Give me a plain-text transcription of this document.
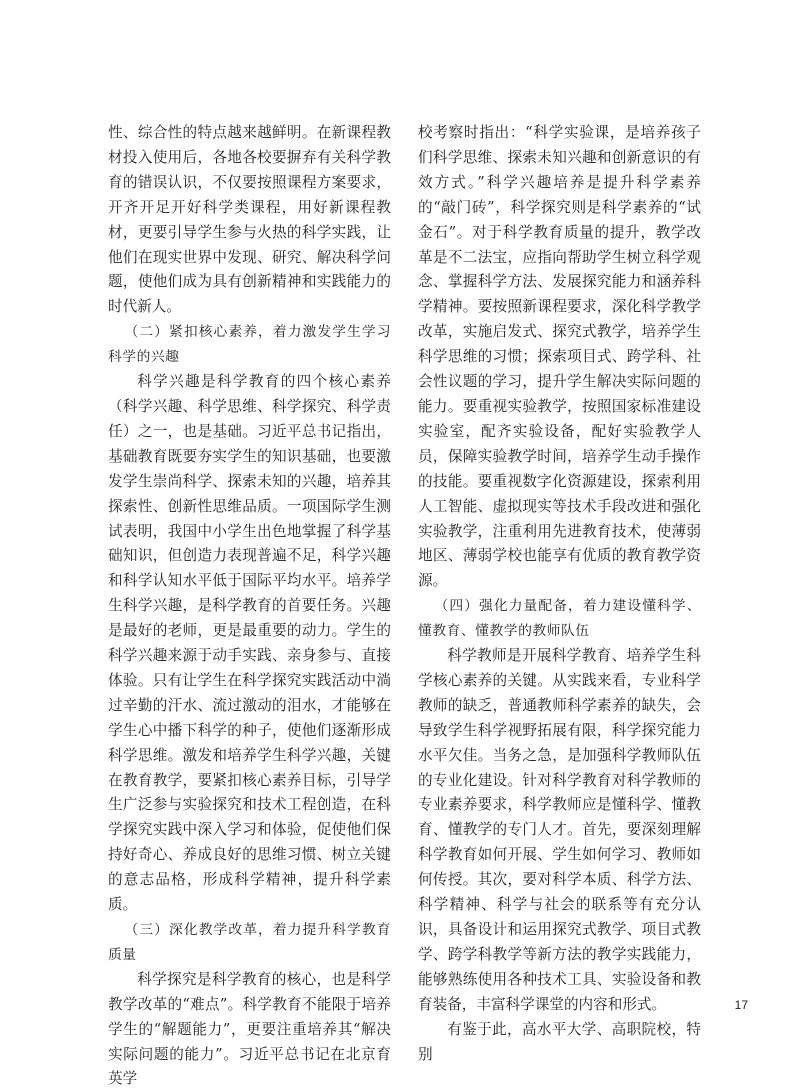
性、综合性的特点越来越鲜明。在新课程教材投入使用后，各地各校要摒弃有关科学教育的错误认识，不仅要按照课程方案要求，开齐开足开好科学类课程，用好新课程教材，更要引导学生参与火热的科学实践，让他们在现实世界中发现、研究、解决科学问题，使他们成为具有创新精神和实践能力的时代新人。

（二）紧扣核心素养，着力激发学生学习科学的兴趣

科学兴趣是科学教育的四个核心素养（科学兴趣、科学思维、科学探究、科学责任）之一，也是基础。习近平总书记指出，基础教育既要夯实学生的知识基础，也要激发学生崇尚科学、探索未知的兴趣，培养其探索性、创新性思维品质。一项国际学生测试表明，我国中小学生出色地掌握了科学基础知识，但创造力表现普遍不足，科学兴趣和科学认知水平低于国际平均水平。培养学生科学兴趣，是科学教育的首要任务。兴趣是最好的老师，更是最重要的动力。学生的科学兴趣来源于动手实践、亲身参与、直接体验。只有让学生在科学探究实践活动中淌过辛勤的汗水、流过激动的泪水，才能够在学生心中播下科学的种子，使他们逐渐形成科学思维。激发和培养学生科学兴趣，关键在教育教学，要紧扣核心素养目标，引导学生广泛参与实验探究和技术工程创造，在科学探究实践中深入学习和体验，促使他们保持好奇心、养成良好的思维习惯、树立关键的意志品格，形成科学精神，提升科学素质。

（三）深化教学改革，着力提升科学教育质量

科学探究是科学教育的核心，也是科学教学改革的“难点”。科学教育不能限于培养学生的“解题能力”，更要注重培养其“解决实际问题的能力”。习近平总书记在北京育英学

校考察时指出：“科学实验课，是培养孩子们科学思维、探索未知兴趣和创新意识的有效方式。”科学兴趣培养是提升科学素养的“敲门砖”，科学探究则是科学素养的“试金石”。对于科学教育质量的提升，教学改革是不二法宝，应指向帮助学生树立科学观念、掌握科学方法、发展探究能力和涵养科学精神。要按照新课程要求，深化科学教学改革，实施启发式、探究式教学，培养学生科学思维的习惯；探索项目式、跨学科、社会性议题的学习，提升学生解决实际问题的能力。要重视实验教学，按照国家标准建设实验室，配齐实验设备，配好实验教学人员，保障实验教学时间，培养学生动手操作的技能。要重视数字化资源建设，探索利用人工智能、虚拟现实等技术手段改进和强化实验教学，注重利用先进教育技术，使薄弱地区、薄弱学校也能享有优质的教育教学资源。

（四）强化力量配备，着力建设懂科学、懂教育、懂教学的教师队伍

科学教师是开展科学教育、培养学生科学核心素养的关键。从实践来看，专业科学教师的缺乏，普通教师科学素养的缺失，会导致学生科学视野拓展有限，科学探究能力水平欠佳。当务之急，是加强科学教师队伍的专业化建设。针对科学教育对科学教师的专业素养要求，科学教师应是懂科学、懂教育、懂教学的专门人才。首先，要深刻理解科学教育如何开展、学生如何学习、教师如何传授。其次，要对科学本质、科学方法、科学精神、科学与社会的联系等有充分认识，具备设计和运用探究式教学、项目式教学、跨学科教学等新方法的教学实践能力，能够熟练使用各种技术工具、实验设备和教育装备，丰富科学课堂的内容和形式。

有鉴于此，高水平大学、高职院校，特别

17
